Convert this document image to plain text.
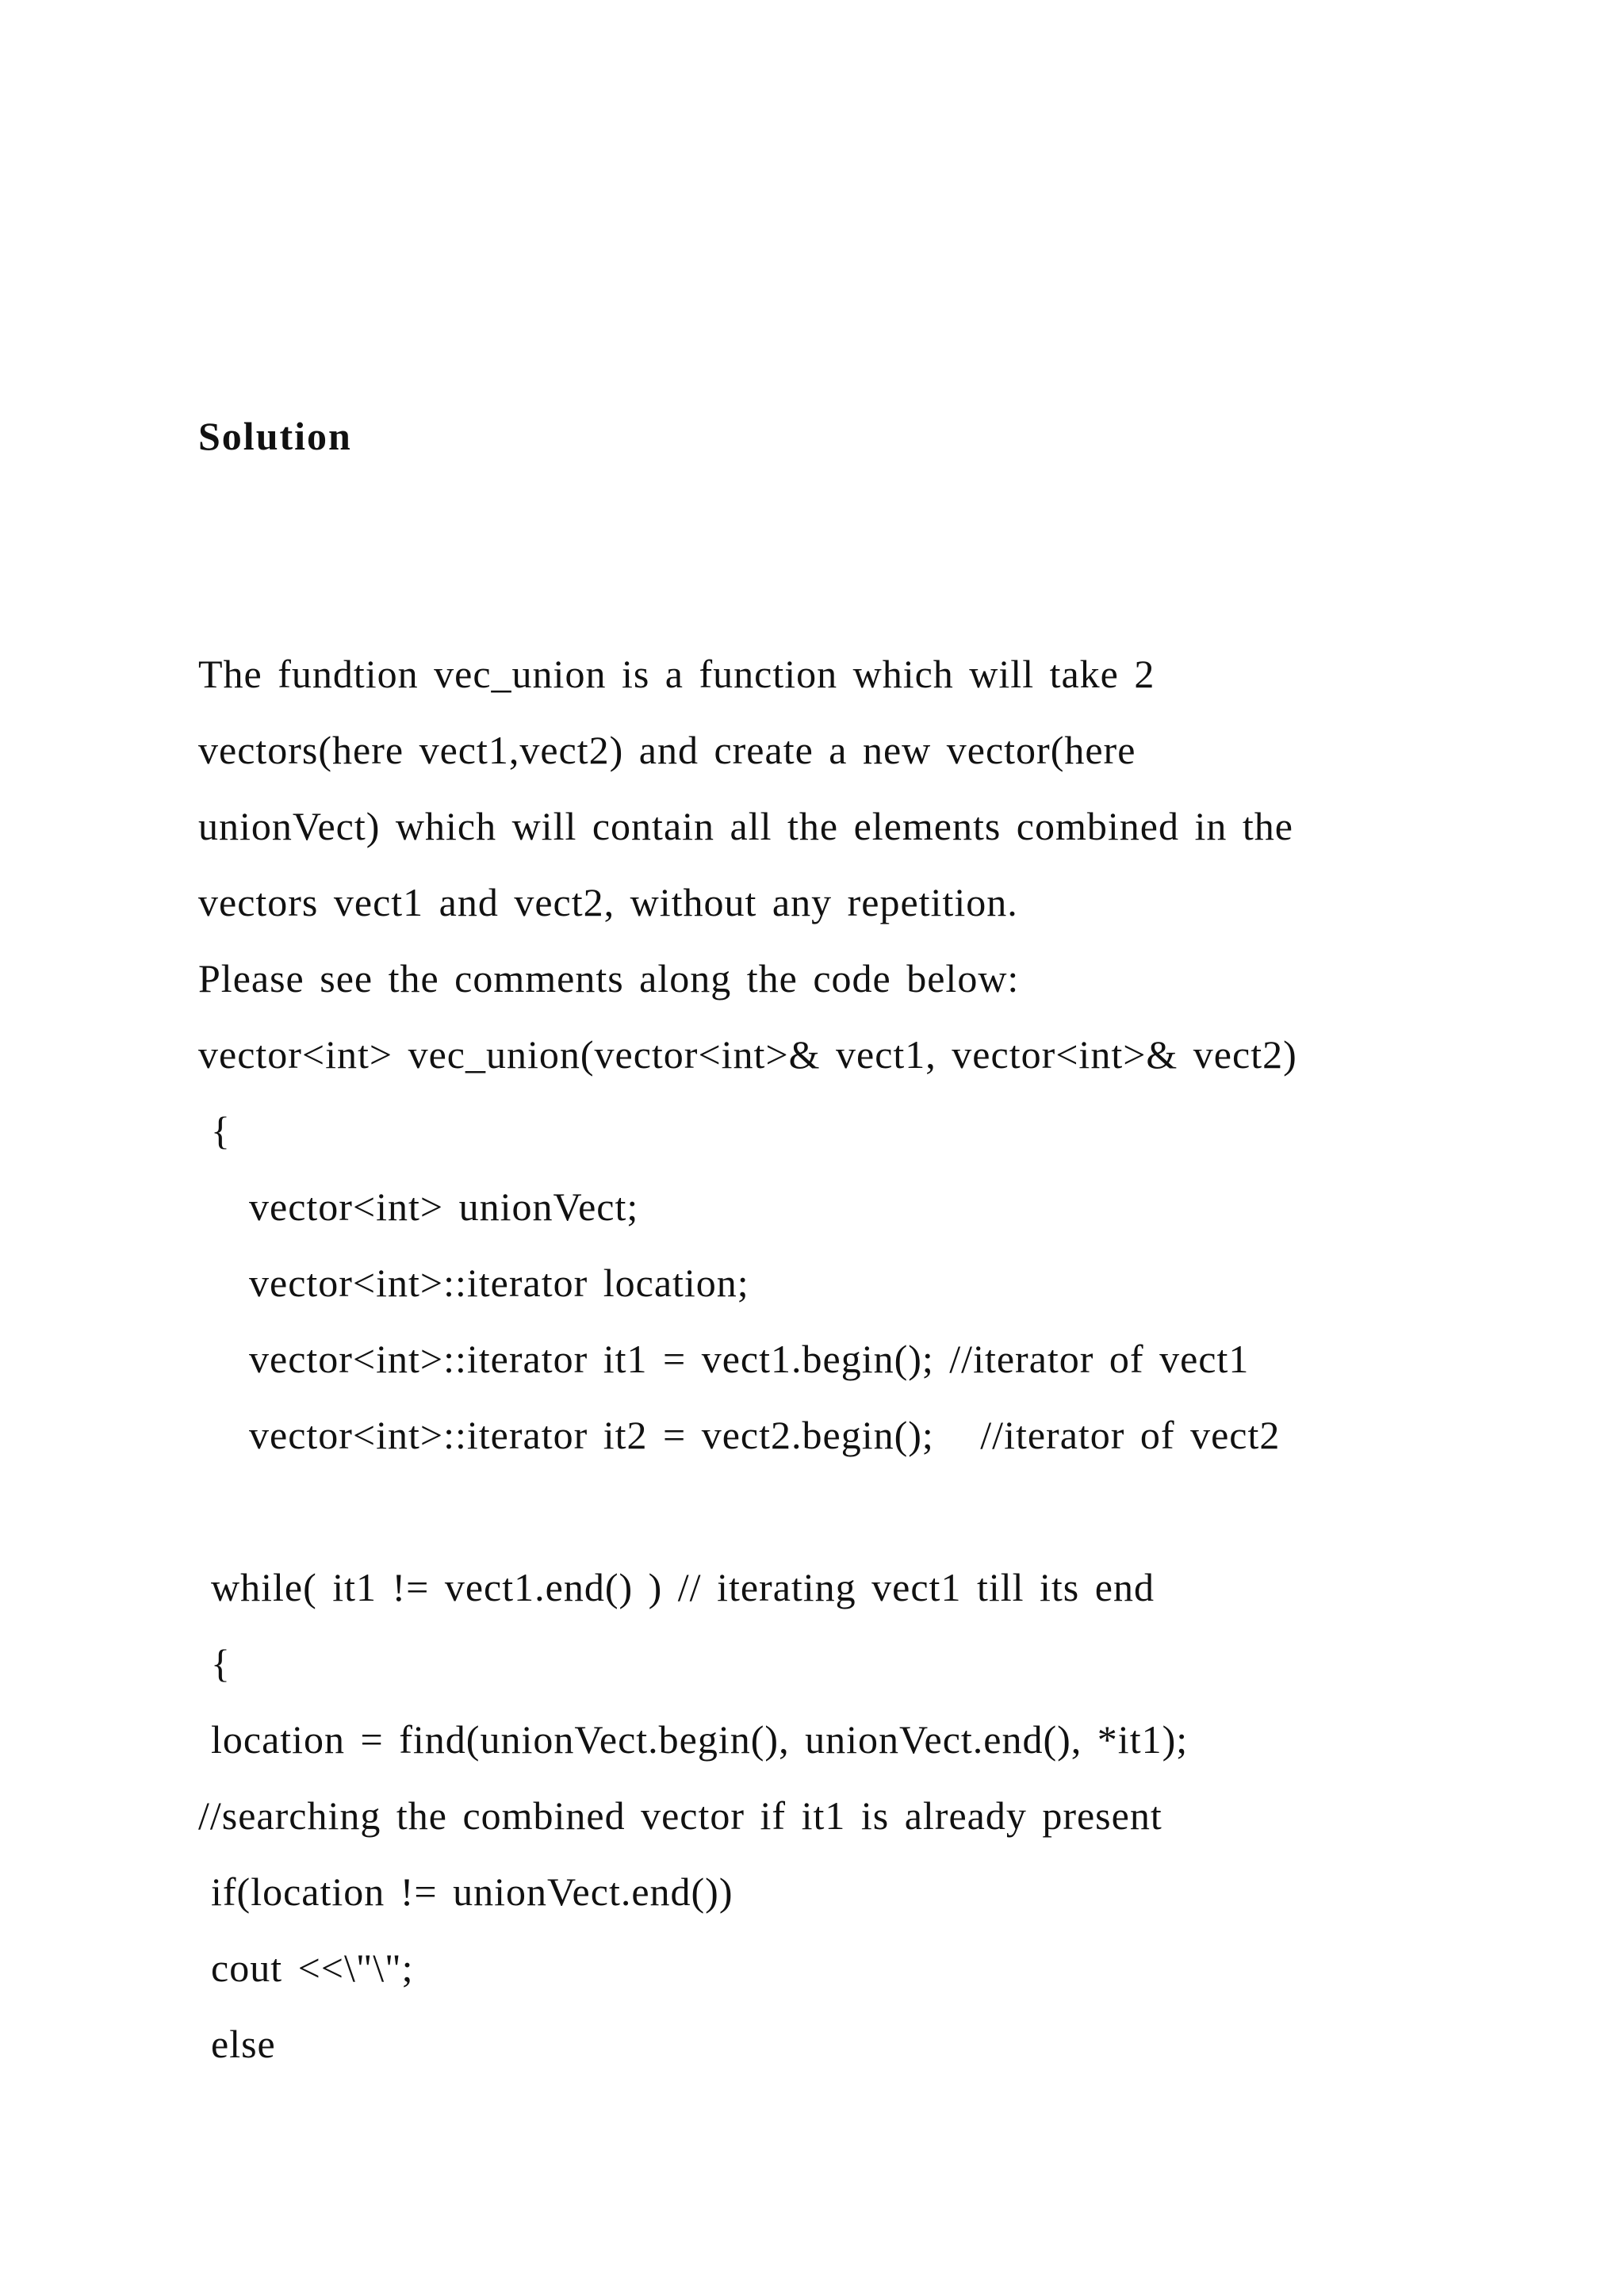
Solution
The fundtion vec_union is a function which will take 2
vectors(here vect1,vect2) and create a new vector(here
unionVect) which will contain all the elements combined in the
vectors vect1 and vect2, without any repetition.
Please see the comments along the code below:
vector<int> vec_union(vector<int>& vect1, vector<int>& vect2)
{
vector<int> unionVect;
vector<int>::iterator location;
vector<int>::iterator it1 = vect1.begin(); //iterator of vect1
vector<int>::iterator it2 = vect2.begin();   //iterator of vect2
while( it1 != vect1.end() ) // iterating vect1 till its end
{
location = find(unionVect.begin(), unionVect.end(), *it1);
//searching the combined vector if it1 is already present
if(location != unionVect.end())
cout <<\"\";
else
